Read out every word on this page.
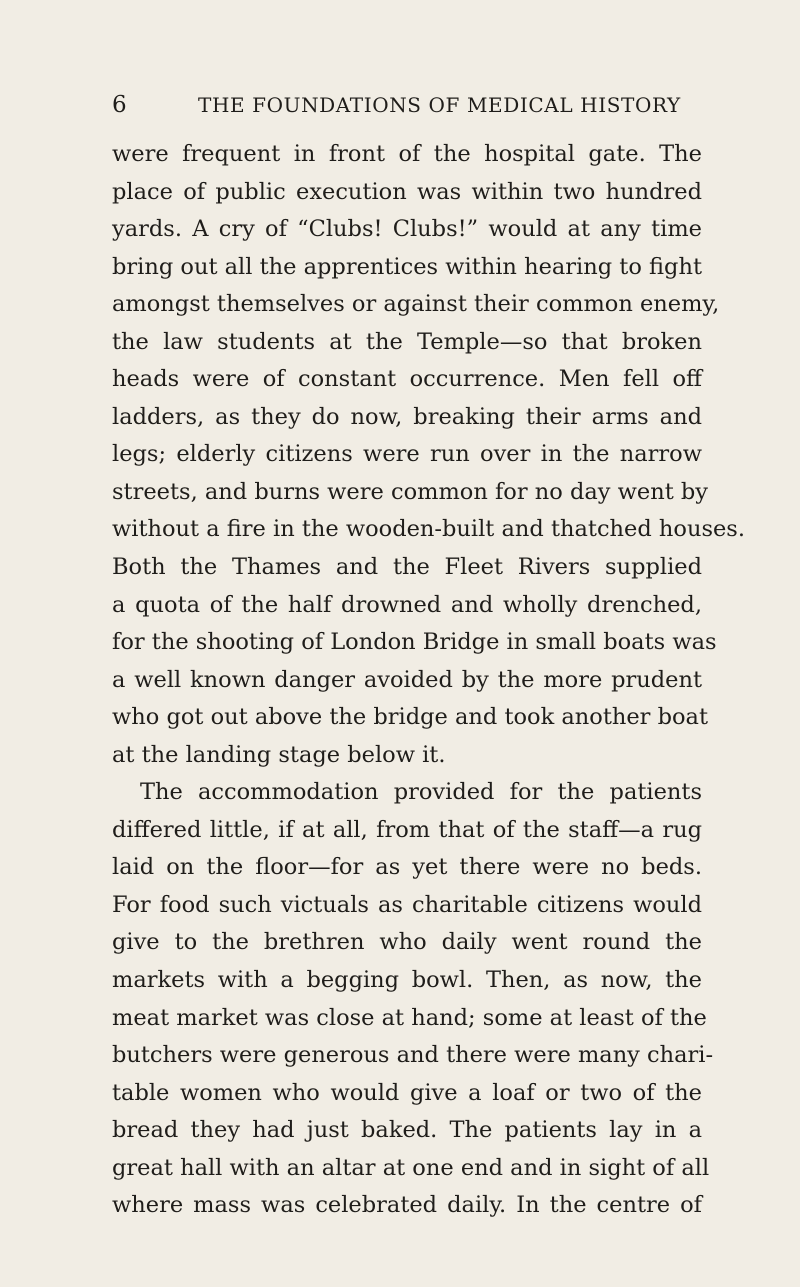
6	THE FOUNDATIONS OF MEDICAL HISTORY
were frequent in front of the hospital gate. The
place of public execution was within two hundred
yards. A cry of “Clubs! Clubs!” would at any time
bring out all the apprentices within hearing to fight
amongst themselves or against their common enemy,
the law students at the Temple—so that broken
heads were of constant occurrence. Men fell off
ladders, as they do now, breaking their arms and
legs; elderly citizens were run over in the narrow
streets, and burns were common for no day went by
without a fire in the wooden-built and thatched houses.
Both the Thames and the Fleet Rivers supplied
a quota of the half drowned and wholly drenched,
for the shooting of London Bridge in small boats was
a well known danger avoided by the more prudent
who got out above the bridge and took another boat
at the landing stage below it.
The accommodation provided for the patients
differed little, if at all, from that of the staff—a rug
laid on the floor—for as yet there were no beds.
For food such victuals as charitable citizens would
give to the brethren who daily went round the
markets with a begging bowl. Then, as now, the
meat market was close at hand; some at least of the
butchers were generous and there were many chari-
table women who would give a loaf or two of the
bread they had just baked. The patients lay in a
great hall with an altar at one end and in sight of all
where mass was celebrated daily. In the centre of
